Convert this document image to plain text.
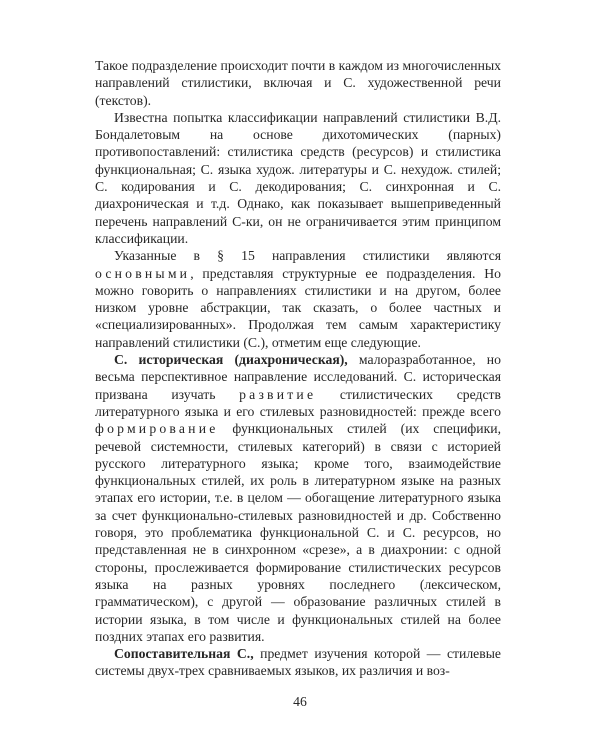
Такое подразделение происходит почти в каждом из многочисленных направлений стилистики, включая и С. художественной речи (текстов).

Известна попытка классификации направлений стилистики В.Д. Бондалетовым на основе дихотомических (парных) противопоставлений: стилистика средств (ресурсов) и стилистика функциональная; С. языка худож. литературы и С. нехудож. стилей; С. кодирования и С. декодирования; С. синхронная и С. диахроническая и т.д. Однако, как показывает вышеприведенный перечень направлений С-ки, он не ограничивается этим принципом классификации.

Указанные в § 15 направления стилистики являются основными, представляя структурные ее подразделения. Но можно говорить о направлениях стилистики и на другом, более низком уровне абстракции, так сказать, о более частных и «специализированных». Продолжая тем самым характеристику направлений стилистики (С.), отметим еще следующие.

С. историческая (диахроническая), малоразработанное, но весьма перспективное направление исследований. С. историческая призвана изучать развитие стилистических средств литературного языка и его стилевых разновидностей: прежде всего формирование функциональных стилей (их специфики, речевой системности, стилевых категорий) в связи с историей русского литературного языка; кроме того, взаимодействие функциональных стилей, их роль в литературном языке на разных этапах его истории, т.е. в целом — обогащение литературного языка за счет функционально-стилевых разновидностей и др. Собственно говоря, это проблематика функциональной С. и С. ресурсов, но представленная не в синхронном «срезе», а в диахронии: с одной стороны, прослеживается формирование стилистических ресурсов языка на разных уровнях последнего (лексическом, грамматическом), с другой — образование различных стилей в истории языка, в том числе и функциональных стилей на более поздних этапах его развития.

Сопоставительная С., предмет изучения которой — стилевые системы двух-трех сравниваемых языков, их различия и воз-

46
